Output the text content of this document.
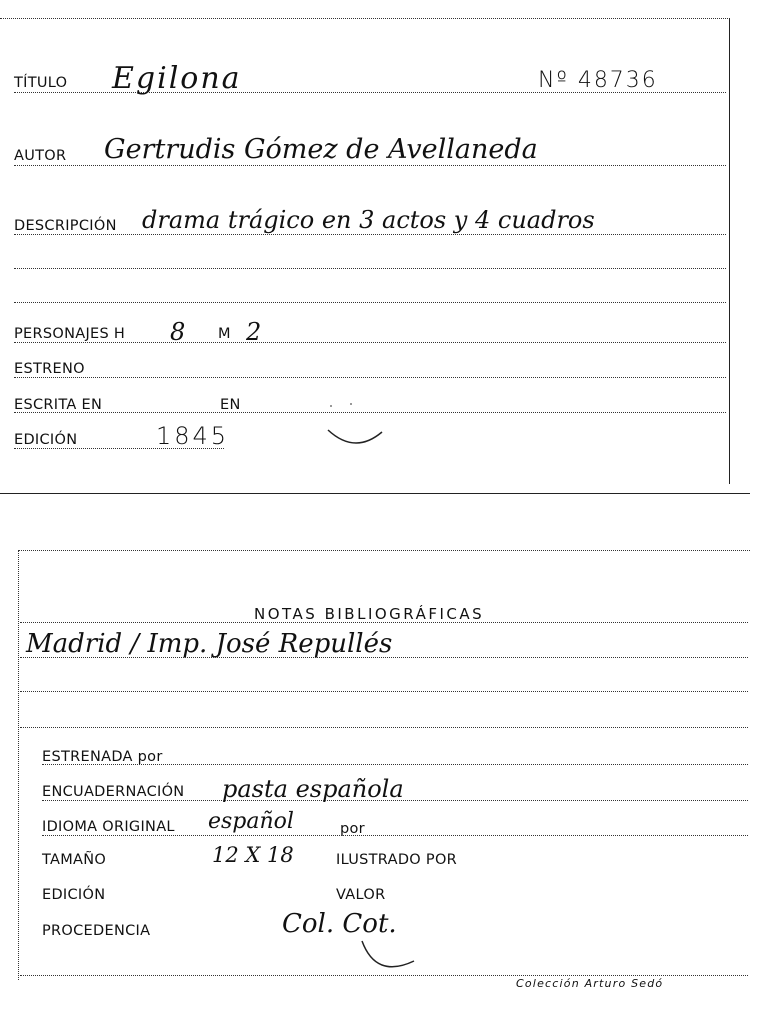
TÍTULO Egilona	Nº 48736
AUTOR Gertrudis Gómez de Avellaneda
DESCRIPCIÓN drama trágico en 3 actos y 4 cuadros
PERSONAJES H 8 M 2
ESTRENO
ESCRITA EN	EN
EDICIÓN	1845
NOTAS BIBLIOGRÁFICAS
Madrid / Imp. José Repullés
ESTRENADA por
ENCUADERNACIÓN pasta española
IDIOMA ORIGINAL español	por
TAMAÑO	12 X 18	ILUSTRADO POR
EDICIÓN	VALOR
PROCEDENCIA	Col. Cot.
Colección Arturo Sedó
